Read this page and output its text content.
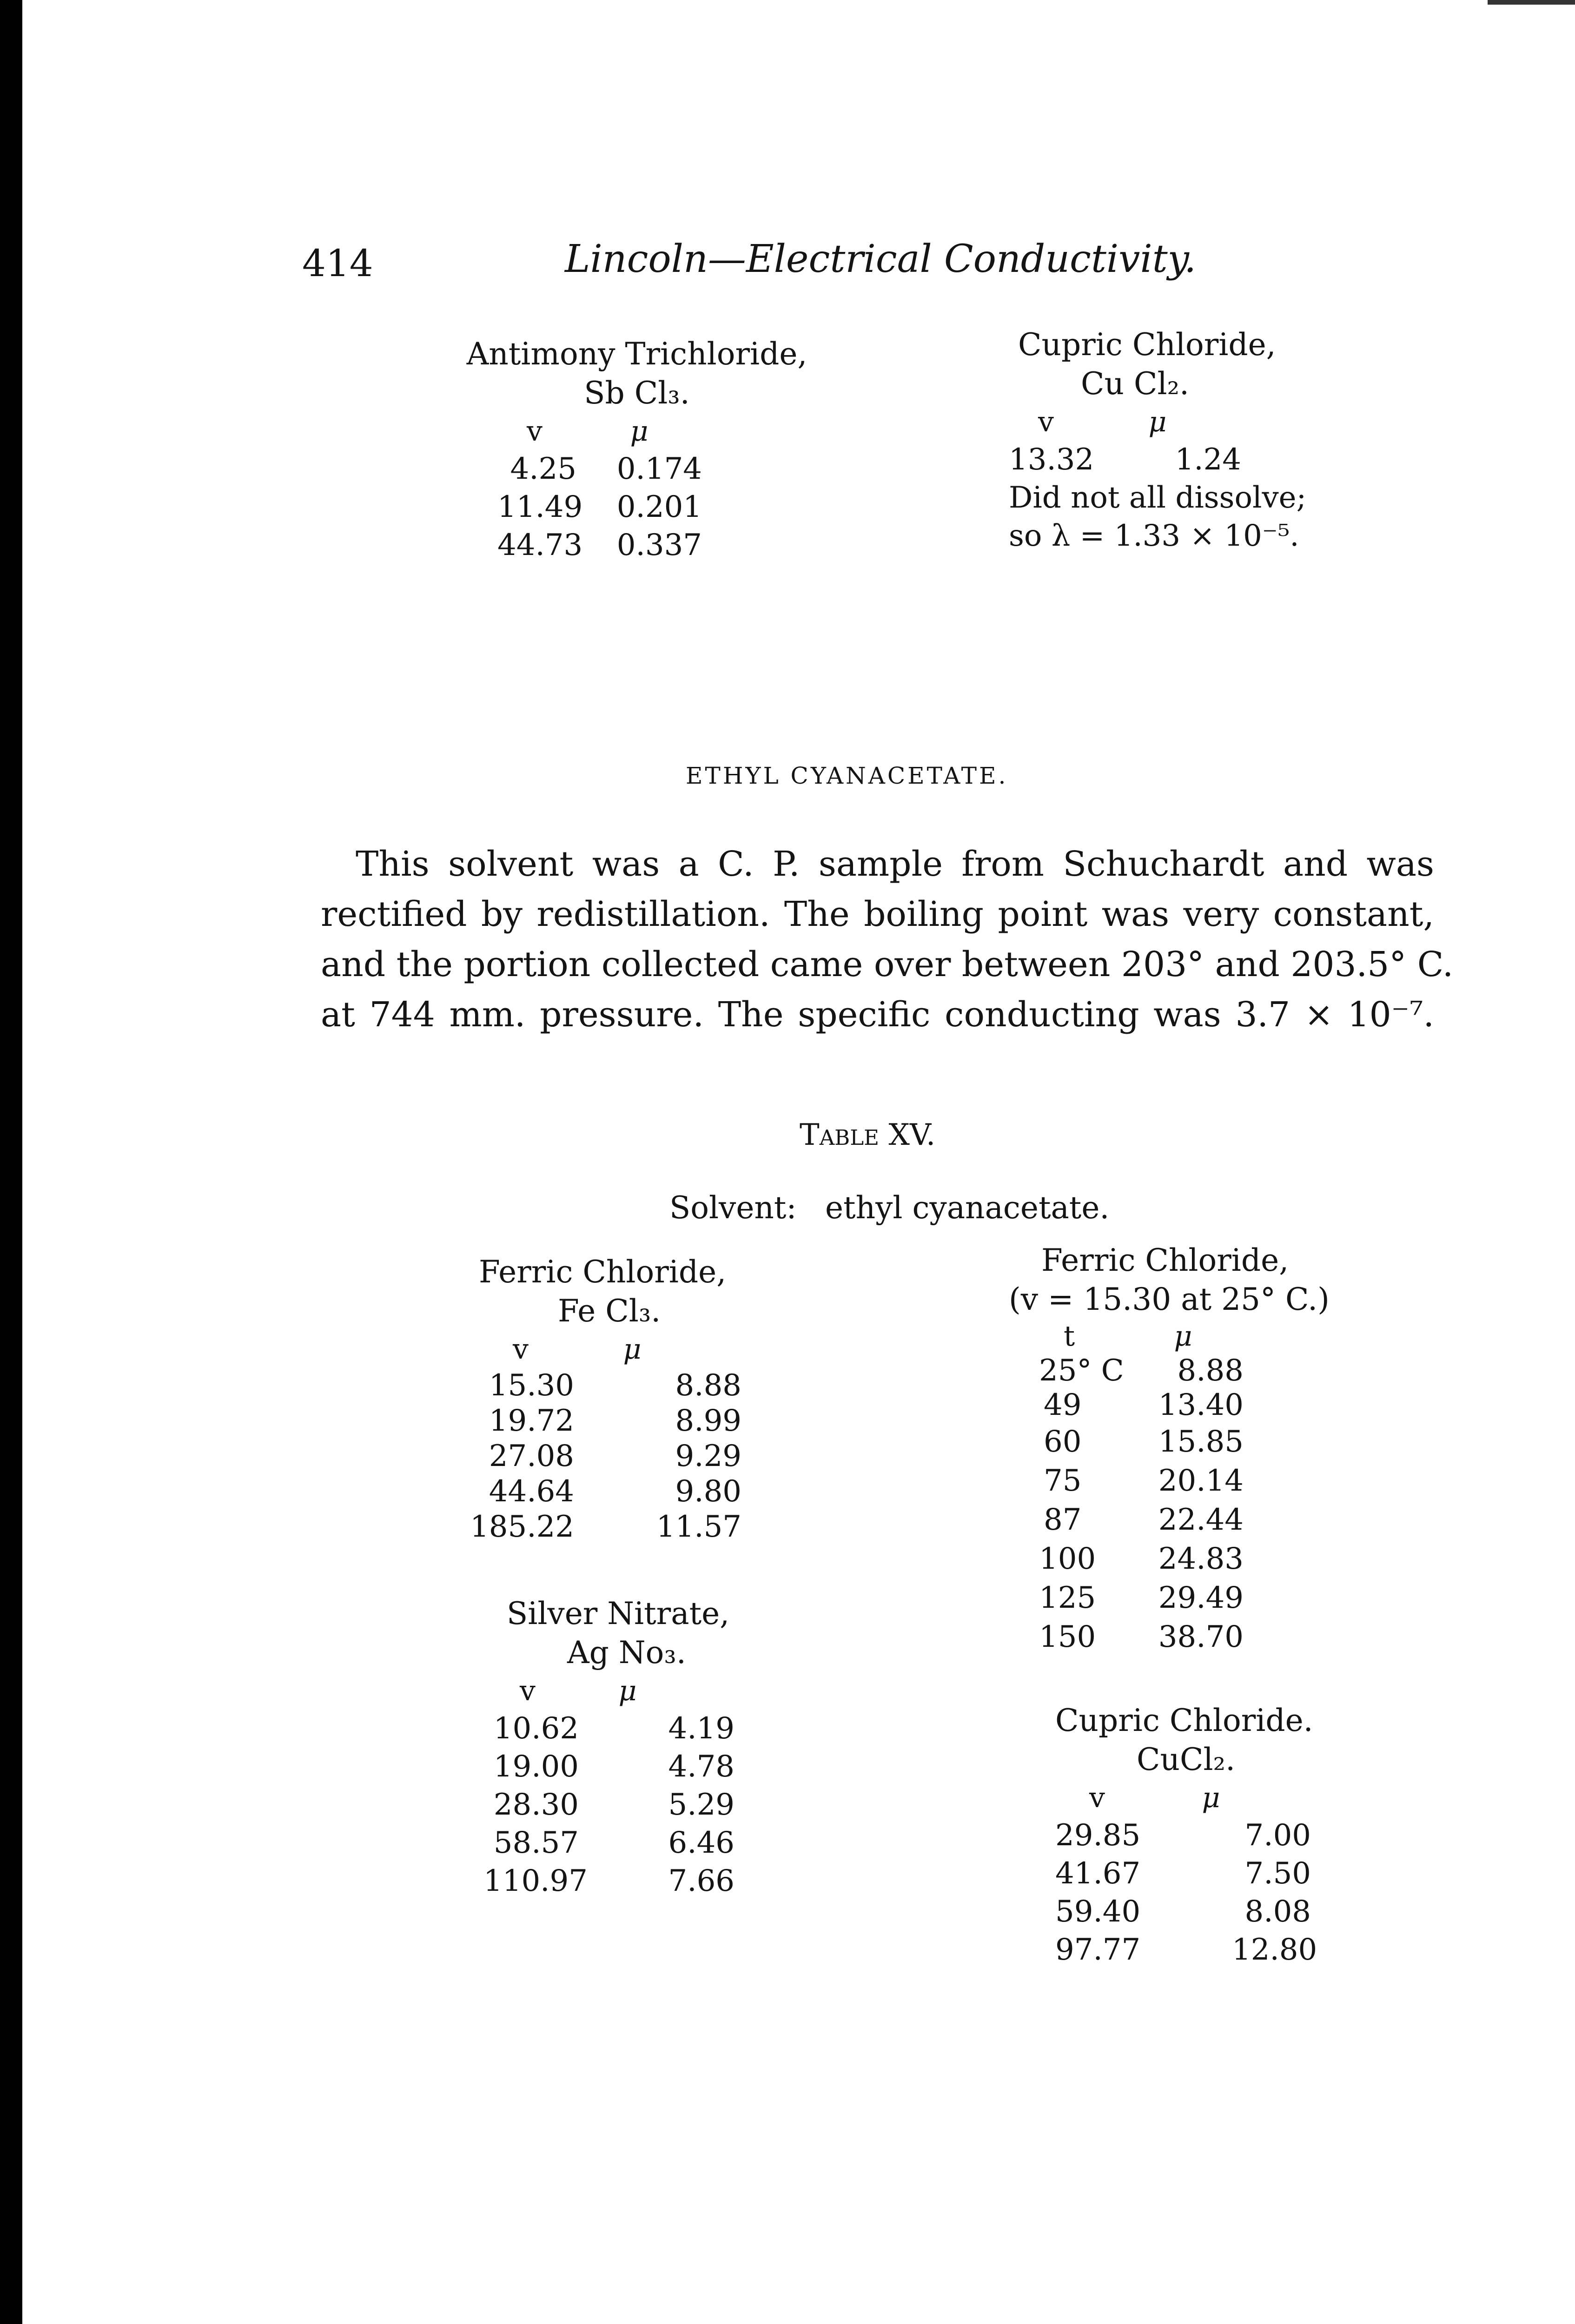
414	Lincoln—Electrical Conductivity.
Antimony Trichloride,
Sb Cl₃.
v	μ
4.25	0.174
11.49	0.201
44.73	0.337
Cupric Chloride,
Cu Cl₂.
v	μ
13.32	1.24
Did not all dissolve;
so λ = 1.33 × 10⁻⁵.
ETHYL CYANACETATE.
This solvent was a C. P. sample from Schuchardt and was
rectified by redistillation. The boiling point was very constant,
and the portion collected came over between 203° and 203.5° C.
at 744 mm. pressure. The specific conducting was 3.7 × 10⁻⁷.
Table XV.
Solvent: ethyl cyanacetate.
Ferric Chloride,
Fe Cl₃.
v	μ
15.30	8.88
19.72	8.99
27.08	9.29
44.64	9.80
185.22	11.57
Silver Nitrate,
Ag No₃.
v	μ
10.62	4.19
19.00	4.78
28.30	5.29
58.57	6.46
110.97	7.66
Ferric Chloride,
(v = 15.30 at 25° C.)
t	μ
25° C	8.88
49	13.40
60	15.85
75	20.14
87	22.44
100	24.83
125	29.49
150	38.70
Cupric Chloride.
CuCl₂.
v	μ
29.85	7.00
41.67	7.50
59.40	8.08
97.77	12.80
